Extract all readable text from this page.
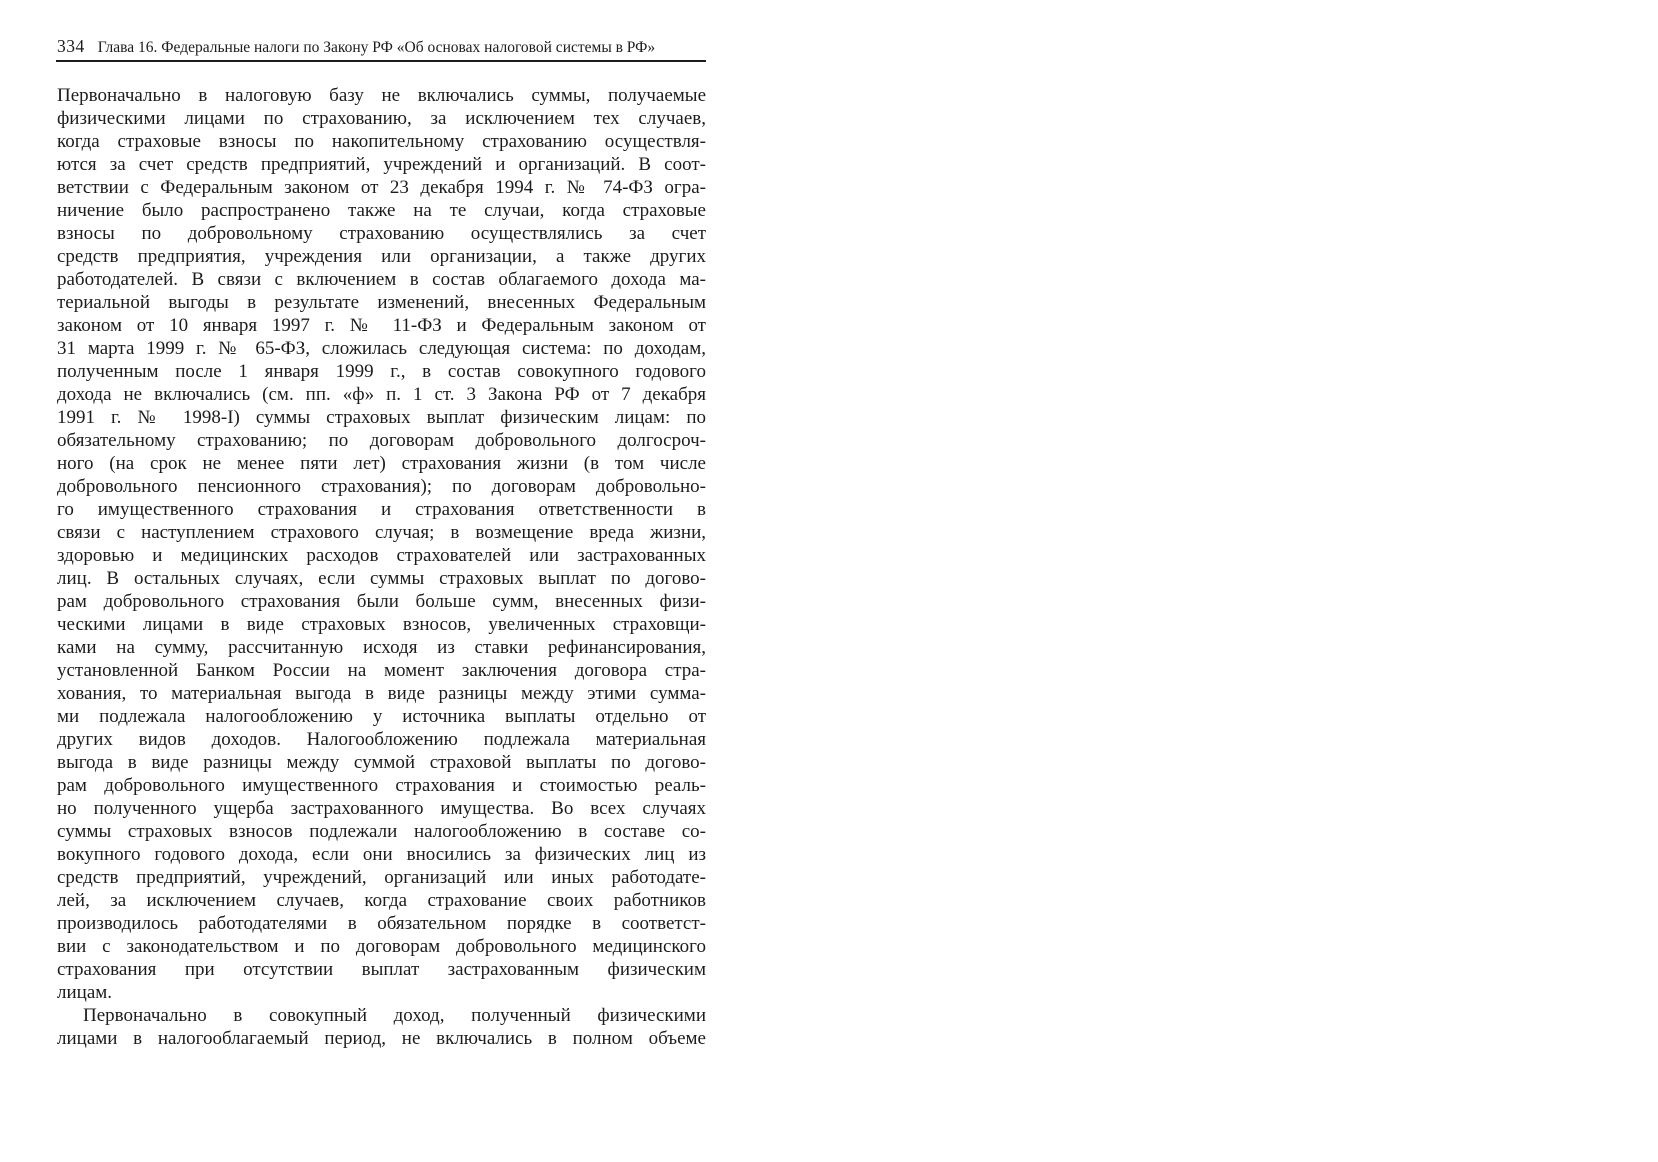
334 Глава 16. Федеральные налоги по Закону РФ «Об основах налоговой системы в РФ»
Первоначально в налоговую базу не включались суммы, получаемые
физическими лицами по страхованию, за исключением тех случаев,
когда страховые взносы по накопительному страхованию осуществля-
ются за счет средств предприятий, учреждений и организаций. В соот-
ветствии с Федеральным законом от 23 декабря 1994 г. № 74-ФЗ огра-
ничение было распространено также на те случаи, когда страховые
взносы по добровольному страхованию осуществлялись за счет
средств предприятия, учреждения или организации, а также других
работодателей. В связи с включением в состав облагаемого дохода ма-
териальной выгоды в результате изменений, внесенных Федеральным
законом от 10 января 1997 г. № 11-ФЗ и Федеральным законом от
31 марта 1999 г. № 65-ФЗ, сложилась следующая система: по доходам,
полученным после 1 января 1999 г., в состав совокупного годового
дохода не включались (см. пп. «ф» п. 1 ст. 3 Закона РФ от 7 декабря
1991 г. № 1998-I) суммы страховых выплат физическим лицам: по
обязательному страхованию; по договорам добровольного долгосроч-
ного (на срок не менее пяти лет) страхования жизни (в том числе
добровольного пенсионного страхования); по договорам добровольно-
го имущественного страхования и страхования ответственности в
связи с наступлением страхового случая; в возмещение вреда жизни,
здоровью и медицинских расходов страхователей или застрахованных
лиц. В остальных случаях, если суммы страховых выплат по догово-
рам добровольного страхования были больше сумм, внесенных физи-
ческими лицами в виде страховых взносов, увеличенных страховщи-
ками на сумму, рассчитанную исходя из ставки рефинансирования,
установленной Банком России на момент заключения договора стра-
хования, то материальная выгода в виде разницы между этими сумма-
ми подлежала налогообложению у источника выплаты отдельно от
других видов доходов. Налогообложению подлежала материальная
выгода в виде разницы между суммой страховой выплаты по догово-
рам добровольного имущественного страхования и стоимостью реаль-
но полученного ущерба застрахованного имущества. Во всех случаях
суммы страховых взносов подлежали налогообложению в составе со-
вокупного годового дохода, если они вносились за физических лиц из
средств предприятий, учреждений, организаций или иных работодате-
лей, за исключением случаев, когда страхование своих работников
производилось работодателями в обязательном порядке в соответст-
вии с законодательством и по договорам добровольного медицинского
страхования при отсутствии выплат застрахованным физическим
лицам.
Первоначально в совокупный доход, полученный физическими
лицами в налогооблагаемый период, не включались в полном объеме
